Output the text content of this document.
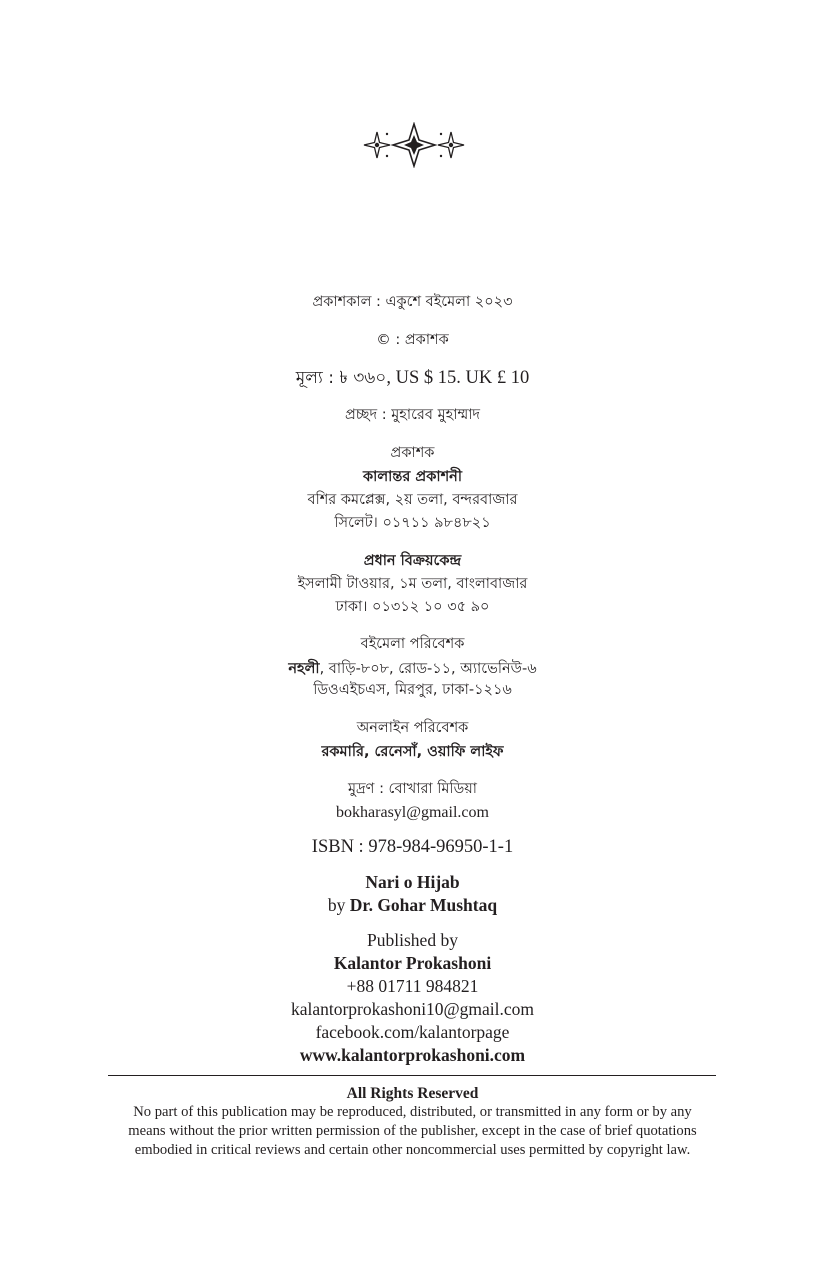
প্রকাশকাল : একুশে বইমেলা ২০২৩
© : প্রকাশক
মূল্য : ৳ ৩৬০, US $ 15. UK £ 10
প্রচ্ছদ : মুহারেব মুহাম্মাদ
প্রকাশক
কালান্তর প্রকাশনী
বশির কমপ্লেক্স, ২য় তলা, বন্দরবাজার
সিলেট। ০১৭১১ ৯৮৪৮২১
প্রধান বিক্রয়কেন্দ্র
ইসলামী টাওয়ার, ১ম তলা, বাংলাবাজার
ঢাকা। ০১৩১২ ১০ ৩৫ ৯০
বইমেলা পরিবেশক
নহলী, বাড়ি-৮০৮, রোড-১১, অ্যাভেনিউ-৬
ডিওএইচএস, মিরপুর, ঢাকা-১২১৬
অনলাইন পরিবেশক
রকমারি, রেনেসাঁ, ওয়াফি লাইফ
মুদ্রণ : বোখারা মিডিয়া
bokharasyl@gmail.com
ISBN : 978-984-96950-1-1
Nari o Hijab
by Dr. Gohar Mushtaq
Published by
Kalantor Prokashoni
+88 01711 984821
kalantorprokashoni10@gmail.com
facebook.com/kalantorpage
www.kalantorprokashoni.com
All Rights Reserved
No part of this publication may be reproduced, distributed, or transmitted in any form or by any
means without the prior written permission of the publisher, except in the case of brief quotations
embodied in critical reviews and certain other noncommercial uses permitted by copyright law.
